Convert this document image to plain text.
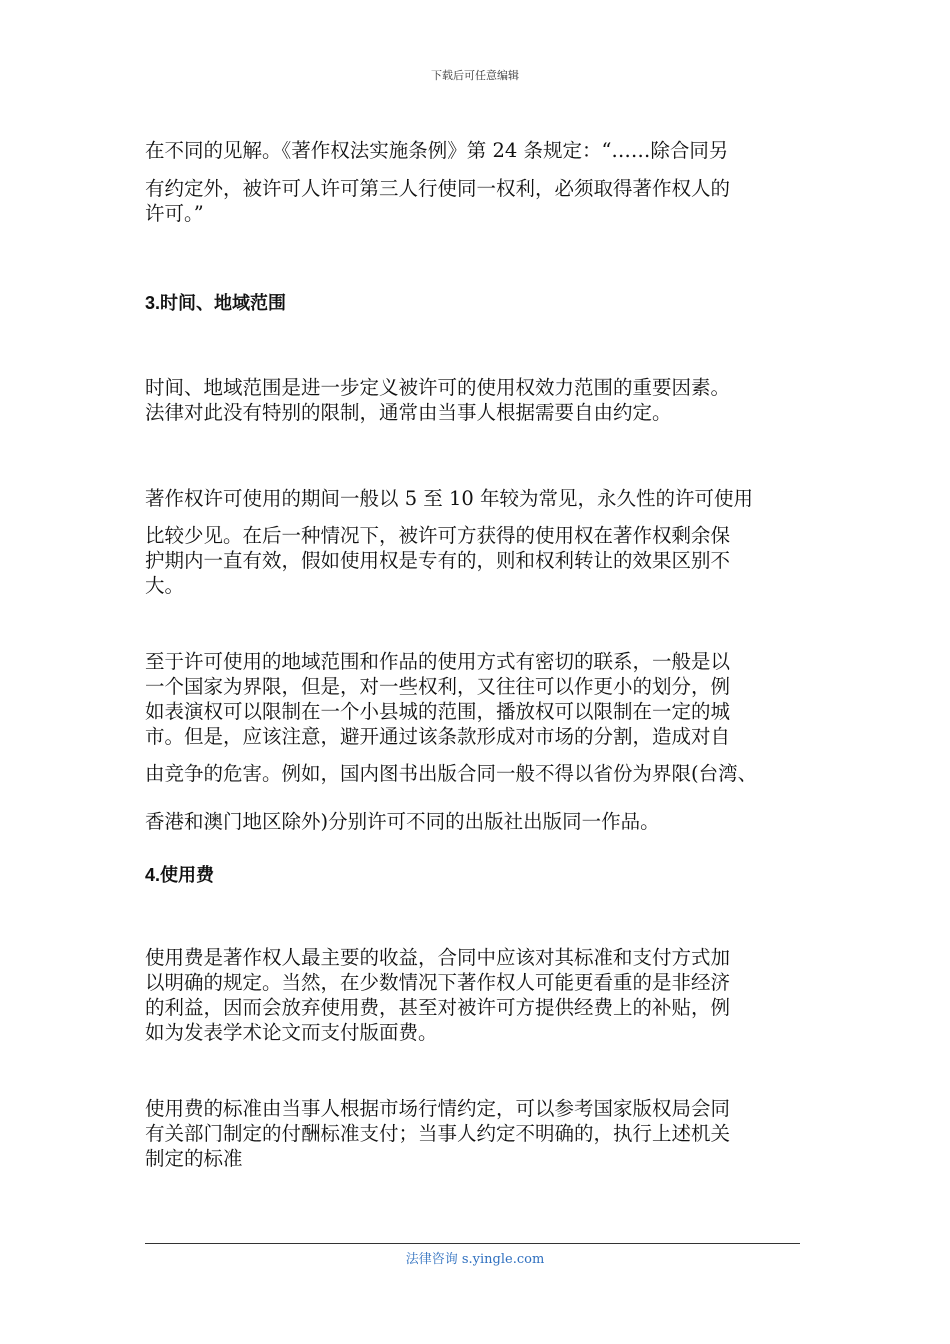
下载后可任意编辑
在不同的见解。《著作权法实施条例》第 24 条规定：“……除合同另
有约定外，被许可人许可第三人行使同一权利，必须取得著作权人的
许可。”
3.时间、地域范围
时间、地域范围是进一步定义被许可的使用权效力范围的重要因素。
法律对此没有特别的限制，通常由当事人根据需要自由约定。
著作权许可使用的期间一般以 5 至 10 年较为常见，永久性的许可使用
比较少见。在后一种情况下，被许可方获得的使用权在著作权剩余保
护期内一直有效，假如使用权是专有的，则和权利转让的效果区别不
大。
至于许可使用的地域范围和作品的使用方式有密切的联系，一般是以
一个国家为界限，但是，对一些权利，又往往可以作更小的划分，例
如表演权可以限制在一个小县城的范围，播放权可以限制在一定的城
市。但是，应该注意，避开通过该条款形成对市场的分割，造成对自
由竞争的危害。例如，国内图书出版合同一般不得以省份为界限(台湾、
香港和澳门地区除外)分别许可不同的出版社出版同一作品。
4.使用费
使用费是著作权人最主要的收益，合同中应该对其标准和支付方式加
以明确的规定。当然，在少数情况下著作权人可能更看重的是非经济
的利益，因而会放弃使用费，甚至对被许可方提供经费上的补贴，例
如为发表学术论文而支付版面费。
使用费的标准由当事人根据市场行情约定，可以参考国家版权局会同
有关部门制定的付酬标准支付；当事人约定不明确的，执行上述机关
制定的标准
法律咨询 s.yingle.com
